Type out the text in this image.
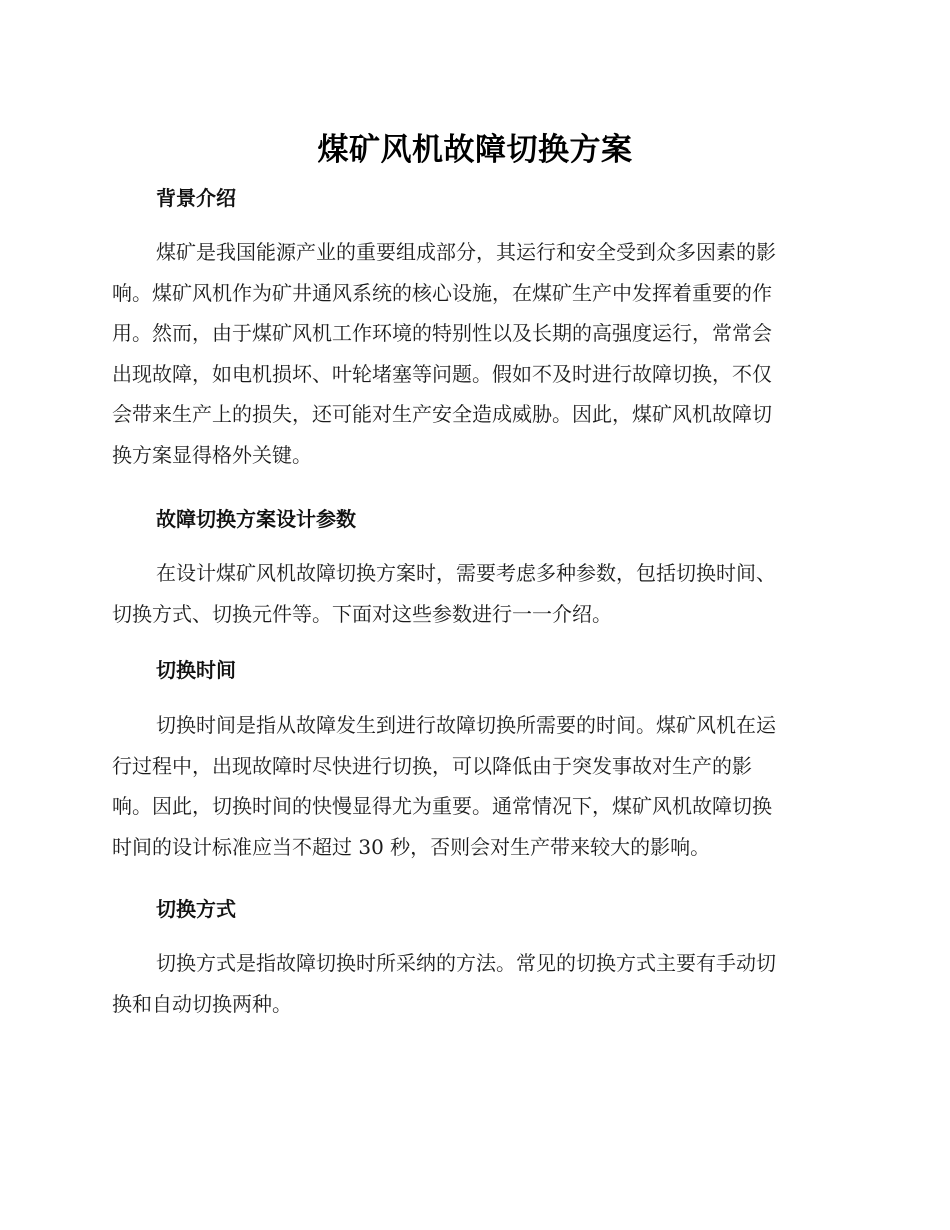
煤矿风机故障切换方案
背景介绍
煤矿是我国能源产业的重要组成部分，其运行和安全受到众多因素的影
响。煤矿风机作为矿井通风系统的核心设施，在煤矿生产中发挥着重要的作
用。然而，由于煤矿风机工作环境的特别性以及长期的高强度运行，常常会
出现故障，如电机损坏、叶轮堵塞等问题。假如不及时进行故障切换，不仅
会带来生产上的损失，还可能对生产安全造成威胁。因此，煤矿风机故障切
换方案显得格外关键。
故障切换方案设计参数
在设计煤矿风机故障切换方案时，需要考虑多种参数，包括切换时间、
切换方式、切换元件等。下面对这些参数进行一一介绍。
切换时间
切换时间是指从故障发生到进行故障切换所需要的时间。煤矿风机在运
行过程中，出现故障时尽快进行切换，可以降低由于突发事故对生产的影
响。因此，切换时间的快慢显得尤为重要。通常情况下，煤矿风机故障切换
时间的设计标准应当不超过 30 秒，否则会对生产带来较大的影响。
切换方式
切换方式是指故障切换时所采纳的方法。常见的切换方式主要有手动切
换和自动切换两种。
